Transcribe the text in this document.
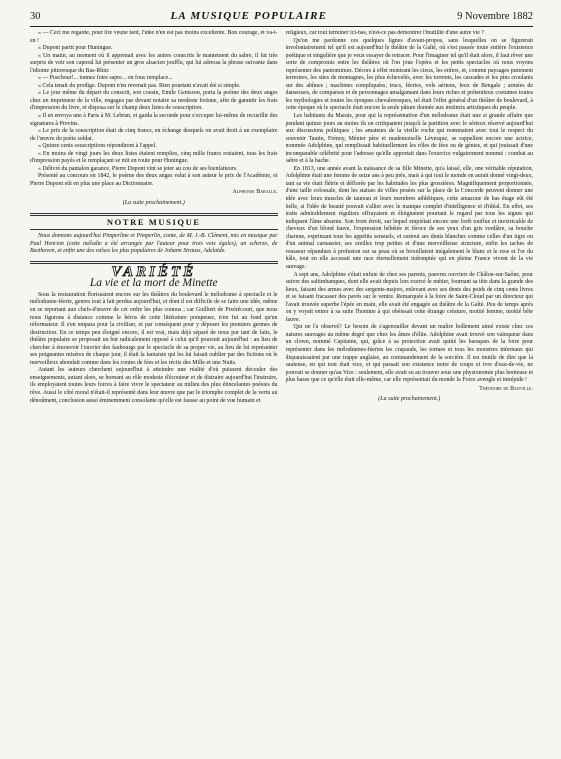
30	LA MUSIQUE POPULAIRE	9 Novembre 1882

« — Ceci me regarde, pour lire veune tard, l'idée n'en est pas moins excellente. Bon courage, et va-t-en !

« Dupont partit pour Huningue.

« Un matin, au moment où il apprenait avec les autres conscrits le maniement du sabre, il fut très surpris de voir son caporal lui présenter un gros alsacien joufflu, qui lui adressa la phrase suivante dans l'idiome pittoresque du Bas-Rhin:

« — Poschour!... tonnez fotre sapre... on fous remplace...

« Cela tenait du prodige. Dupont n'en revenait pas. Rien pourtant n'avait été si simple.

« Le jour même du départ du conscrit, son cousin, Emile Genisson, porta la poème des deux anges chez un imprimeur de la ville, engagea par devant notaire sa modeste fortune, afin de garantir les frais d'impression du livre, et disposa sur le champ deux listes de souscription.

« Il en envoya une à Paris à M. Lebrun, et garda la seconde pour s'occuper lui-même de recueillir des signatures à Provins.

« Le prix de la souscription était de cinq francs, en échange desquels on avait droit à un exemplaire de l'œuvre du poète soldat.

« Quinze cents souscriptions répondirent à l'appel.

« En moins de vingt jours les deux listes étaient remplies, cinq mille francs restaient, tous les frais d'impression payés et le remplaçant se mit en route pour Huningue.

« Délivré du pantalon garance, Pierre Dupont vint se jeter au cou de ses bienfaiteurs.

Présenté au concours en 1842, le poème des deux anges valut à son auteur le prix de l'Académie, et Pierre Dupont eût en plus une place au Dictionnaire.

Alphonse Baralle.
(La suite prochainement.)
NOTRE MUSIQUE

Nous donnons aujourd'hui Pimperline et Pimperlin, conte, de M. J.-B. Clément, mis en musique par Paul Henrion (cette mélodie a été arrangée par l'auteur pour trois voix égales), un scherzo, de Beethoven, et enfin une des valses les plus populaires de Johann Strauss, Adelaïde.

VARIÉTÉ
La vie et la mort de Minette

Sous la restauration florissaient encore sur les théâtres du boulevard le mélodrame à spectacle et le mélodrame-féerie, genres tout à fait perdus aujourd'hui, et dont il est difficile de se faire une idée, même en se reportant aux chefs-d'œuvre de cet ordre les plus connus ; car Guilbert de Pixérécourt, que nous nous figurons à distance comme le héros de cette littérature pompeuse, n'en fut au fond qu'un réformateur. Il s'en empara pour la civiliser, et par conséquent pour y déposer les premiers germes de destruction. En ce temps peu éloigné encore, il est vrai, mais déjà séparé de nous par tant de faits, le théâtre populaire se proposait un but radicalement opposé à celui qu'il poursuit aujourd'hui : au lieu de chercher à émouvoir l'ouvrier des faubourgs par le spectacle de sa propre vie, au lieu de lui représenter ses poignantes misères de chaque jour, il était la fantaisie qui les lui faisait oublier par des fictions où le merveilleux abondait comme dans les contes de fées et les récits des Mille et une Nuits.

Autant les auteurs cherchent aujourd'hui à atteindre une réalité d'où puissent découler des enseignements, autant alors, se bornant au rôle modeste d'écouteur et de distraire aujourd'hui l'instruire, ils employaient toutes leurs forces à faire vivre le spectateur au milieu des plus étincelantes poésies du rêve. Aussi le côté moral n'était-il représenté dans leur œuvre que par le triomphe complet de la vertu au dénoûment, conclusion aussi éminemment consolante qu'elle est fausse au point de vue humain et

religieux, car tout terminer ici-bas, n'est-ce pas démontrer l'inutilité d'une autre vie ?

Qu'on me pardonne ces quelques lignes d'avant-propos, sans lesquelles on se figurerait involontairement tel qu'il est aujourd'hui le théâtre de la Gaîté, où s'est passée toute entière l'existence poétique et singulière que je veux essayer de retracer. Pour l'imaginer tel qu'il était alors, il faut rêver une sorte de compromis entre les théâtres où l'on joue l'opéra et les petits spectacles où nous voyons représenter des pantomimes. Décors à effet montrant les cieux, les enfers, et, comme paysages purement terrestres, les sites de montagnes, les plus échevelés, avec les torrents, les cascades et les pins croulants sur des abîmes ; machines compliquées, trucs, féeries, vols aériens, feux de Bengale ; armées de danseuses, de comparses et de personnages amalgamant dans leurs riches et prétentieux costumes toutes les mythologies et toutes les époques chevaleresques, tel était l'effet général d'un théâtre de boulevard, à cette époque où le spectacle était encore la seule pâture donnée aux instincts artistiques du peuple.

Les habitants du Marais, pour qui la représentation d'un mélodrame était une si grande affaire que pendant quinze jours au moins ils en critiquaient jusqu'à la partition avec le sérieux réservé aujourd'hui aux discussions politiques ; les amateurs de la vieille roche qui nommaient avec tout le respect du souvenir Tautin, Frénoy, Ménier père et mademoiselle Lévesque, se rappellent encore une actrice, nommée Adolphine, qui remplissait habituellement les rôles de fées ou de génies, et qui jouissait d'une incomparable célébrité pour l'adresse qu'elle apportait dans l'exercice vulgairement nommé : combat au sabre et à la hache.

En 1813, une année avant la naissance de sa fille Minette, qu'a laissé, elle, une véritable réputation, Adolphine était une femme de seize ans à peu près, mais à qui tout le monde en aurait donné vingt-deux, tant sa vie était flétrie et déflorée par les habitudes les plus grossières. Magnifiquement proportionnée, d'une taille colossale, dont les statues de villes posées sur la place de la Concorde peuvent donner une idée avec leurs muscles de taureau et leurs membres athlétiques, cette amazone de bas étage eût été belle, si l'idée de beauté pouvait s'allier avec le manque complet d'intelligence et d'idéal. En effet, ses traits admirablement réguliers effrayaient et éloignaient pourtant le regard par tous les signes qui indiquent l'âme absente. Son front étroit, sur lequel empiétait encore une forêt touffue et inextricable de cheveux d'un blond fauve, l'expression hébétée et féroce de ses yeux d'un gris verdâtre, sa bouche charnue, exprimant tous les appétits sensuels, et surtout ses dents blanches comme celles d'un tigre ou d'un animal carnassier, ses oreilles trop petites et d'une merveilleuse structure, enfin les taches de rousseur répandues à profusion sur sa peau où se brouillaient inégalement le blanc et le rose et l'or du hâle, tout en elle accusait une race éternellement indomptée qui en pleine France vivent de la vie sauvage.

A sept ans, Adolphine s'était enfuie de chez ses parents, pauvres ouvriers de Châlon-sur-Saône, pour suivre des saltimbanques, dont elle avait depuis lors exercé le métier, fournant sa tête dans la grande des lieux, faisant des armes avec des sergents-majors, enlevant avec ses dents des poids de cinq cents livres et se faisant fracasser des pavés sur le ventre. Remarquée à la foire de Saint-Cloud par un directeur qui l'avait trouvée superbe l'épée en main, elle avait été engagée au théâtre de la Gaîté. Peu de temps après on y voyait entrer à sa suite l'homme à qui obéissait cette étrange créature, moitié femme, moitié bête fauve.

Qui ne l'a observé? Le besoin de s'agenouiller devant un maître hollement aimé existe chez ces natures sauvages au même degré que chez les âmes d'élite. Adolphine avait trouvé son vainqueur dans un clown, nommé Capitaine, qui, grâce à sa protection avait quitté les baraques de la foire pour représenter dans les mélodrames-féeries les crapauds, les tortues et tous les monstres infernaux qui disparaissaient par une trappe anglaise, au commandement de la sorcière. Il est inutile de dire que la sauteuse, en qui tout était vice, et qui passait son existence noire de coups et ivre d'eau-de-vie, ne pouvait se donner qu'au Vice : seulement, elle avait su au trouver sous une physionomie plus honteuse et plus basse que ce qu'elle était elle-même, car elle représentait du monde la Force avengle et intrépide !

Théodore de Banville.
(La suite prochainement.)
